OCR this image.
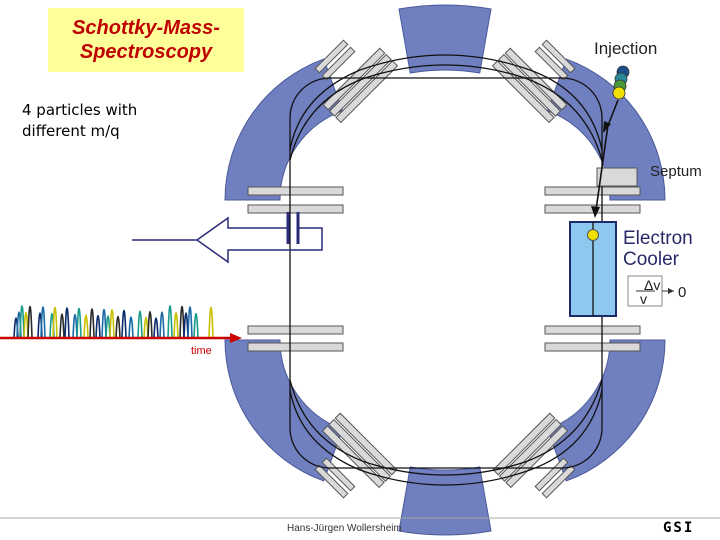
Δv
v 0
Schottky-Mass-
Spectroscopy
4 particles with different m/q
Injection
Septum
Electron
Cooler
time
Hans-Jürgen Wollersheim	GSI
